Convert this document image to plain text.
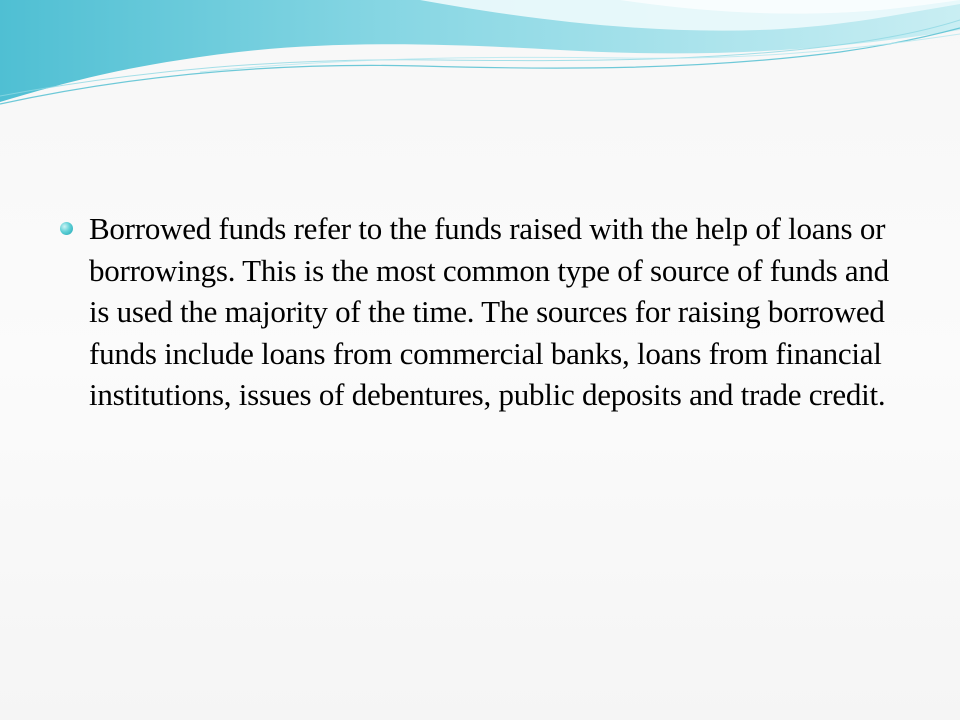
Borrowed funds refer to the funds raised with the help of loans or borrowings. This is the most common type of source of funds and is used the majority of the time. The sources for raising borrowed funds include loans from commercial banks, loans from financial institutions, issues of debentures, public deposits and trade credit.
